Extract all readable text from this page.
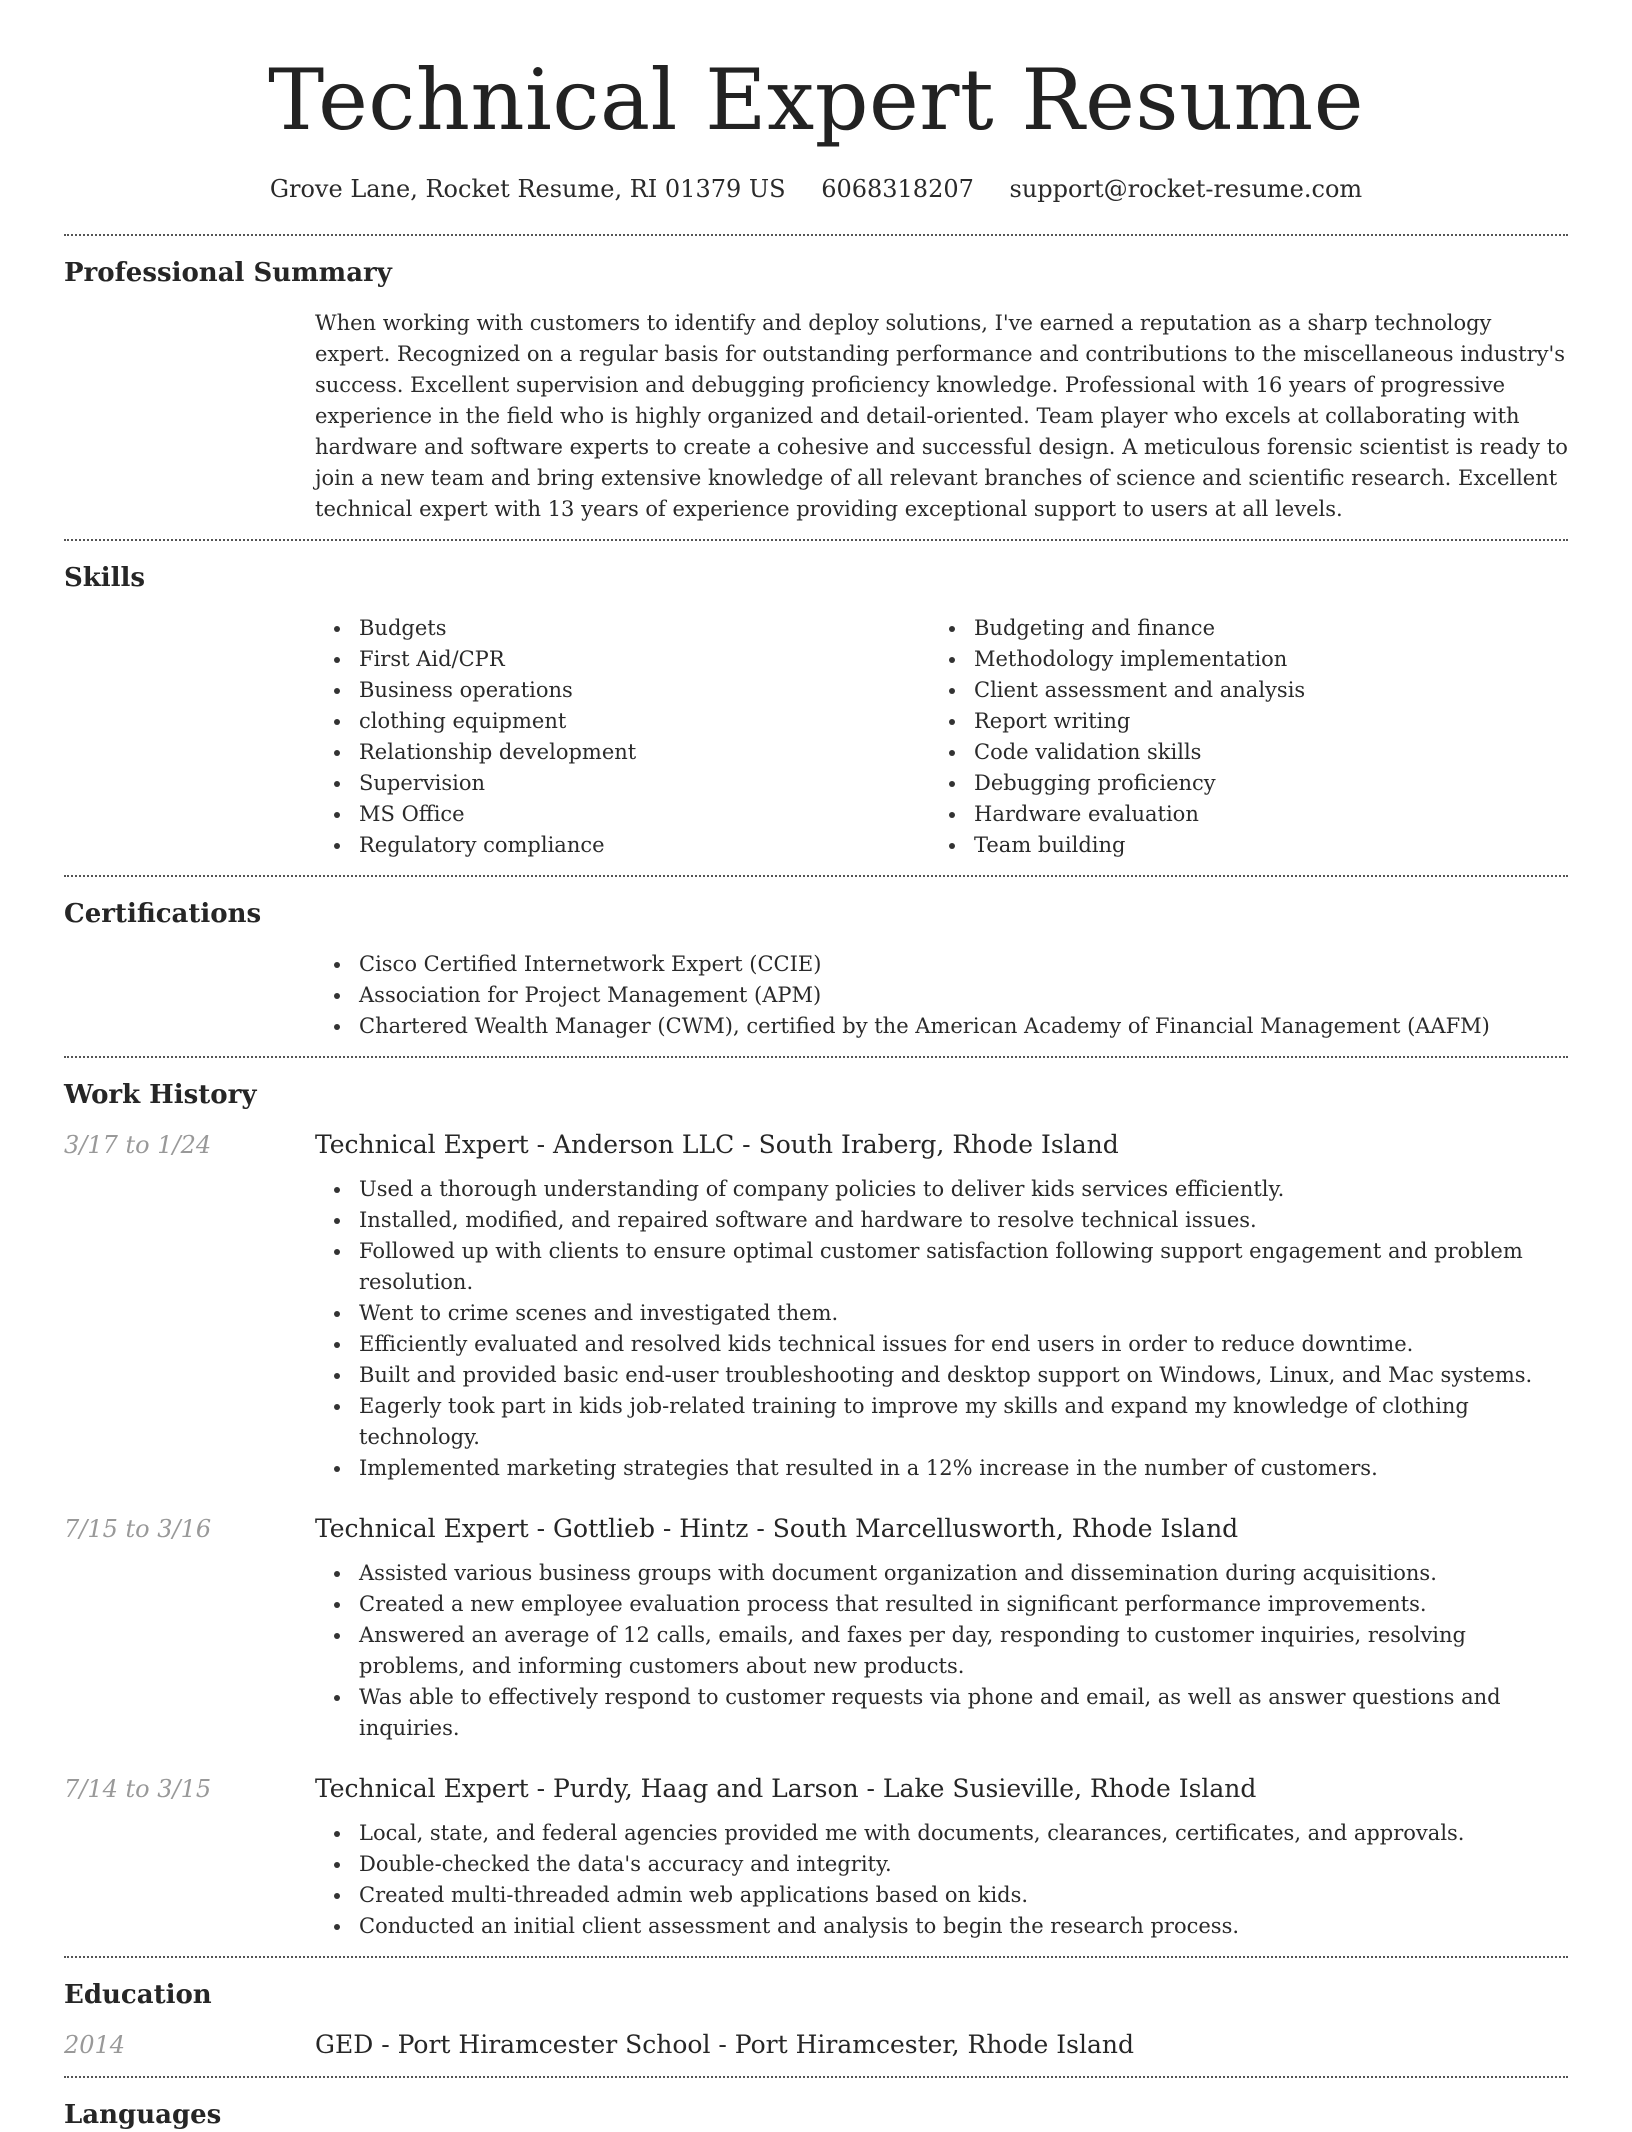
Technical Expert Resume
Grove Lane, Rocket Resume, RI 01379 US 6068318207 support@rocket-resume.com
Professional Summary

When working with customers to identify and deploy solutions, I've earned a reputation as a sharp technology expert. Recognized on a regular basis for outstanding performance and contributions to the miscellaneous industry's success. Excellent supervision and debugging proficiency knowledge. Professional with 16 years of progressive experience in the field who is highly organized and detail-oriented. Team player who excels at collaborating with hardware and software experts to create a cohesive and successful design. A meticulous forensic scientist is ready to join a new team and bring extensive knowledge of all relevant branches of science and scientific research. Excellent technical expert with 13 years of experience providing exceptional support to users at all levels.

Skills
Budgets
First Aid/CPR
Business operations
clothing equipment
Relationship development
Supervision
MS Office
Regulatory compliance
Budgeting and finance
Methodology implementation
Client assessment and analysis
Report writing
Code validation skills
Debugging proficiency
Hardware evaluation
Team building
Certifications
Cisco Certified Internetwork Expert (CCIE)
Association for Project Management (APM)
Chartered Wealth Manager (CWM), certified by the American Academy of Financial Management (AAFM)
Work History
3/17 to 1/24	Technical Expert - Anderson LLC - South Iraberg, Rhode Island
Used a thorough understanding of company policies to deliver kids services efficiently.
Installed, modified, and repaired software and hardware to resolve technical issues.
Followed up with clients to ensure optimal customer satisfaction following support engagement and problem resolution.
Went to crime scenes and investigated them.
Efficiently evaluated and resolved kids technical issues for end users in order to reduce downtime.
Built and provided basic end-user troubleshooting and desktop support on Windows, Linux, and Mac systems.
Eagerly took part in kids job-related training to improve my skills and expand my knowledge of clothing technology.
Implemented marketing strategies that resulted in a 12% increase in the number of customers.
7/15 to 3/16	Technical Expert - Gottlieb - Hintz - South Marcellusworth, Rhode Island
Assisted various business groups with document organization and dissemination during acquisitions.
Created a new employee evaluation process that resulted in significant performance improvements.
Answered an average of 12 calls, emails, and faxes per day, responding to customer inquiries, resolving problems, and informing customers about new products.
Was able to effectively respond to customer requests via phone and email, as well as answer questions and inquiries.
7/14 to 3/15	Technical Expert - Purdy, Haag and Larson - Lake Susieville, Rhode Island
Local, state, and federal agencies provided me with documents, clearances, certificates, and approvals.
Double-checked the data's accuracy and integrity.
Created multi-threaded admin web applications based on kids.
Conducted an initial client assessment and analysis to begin the research process.
Education
2014	GED - Port Hiramcester School - Port Hiramcester, Rhode Island
Languages
